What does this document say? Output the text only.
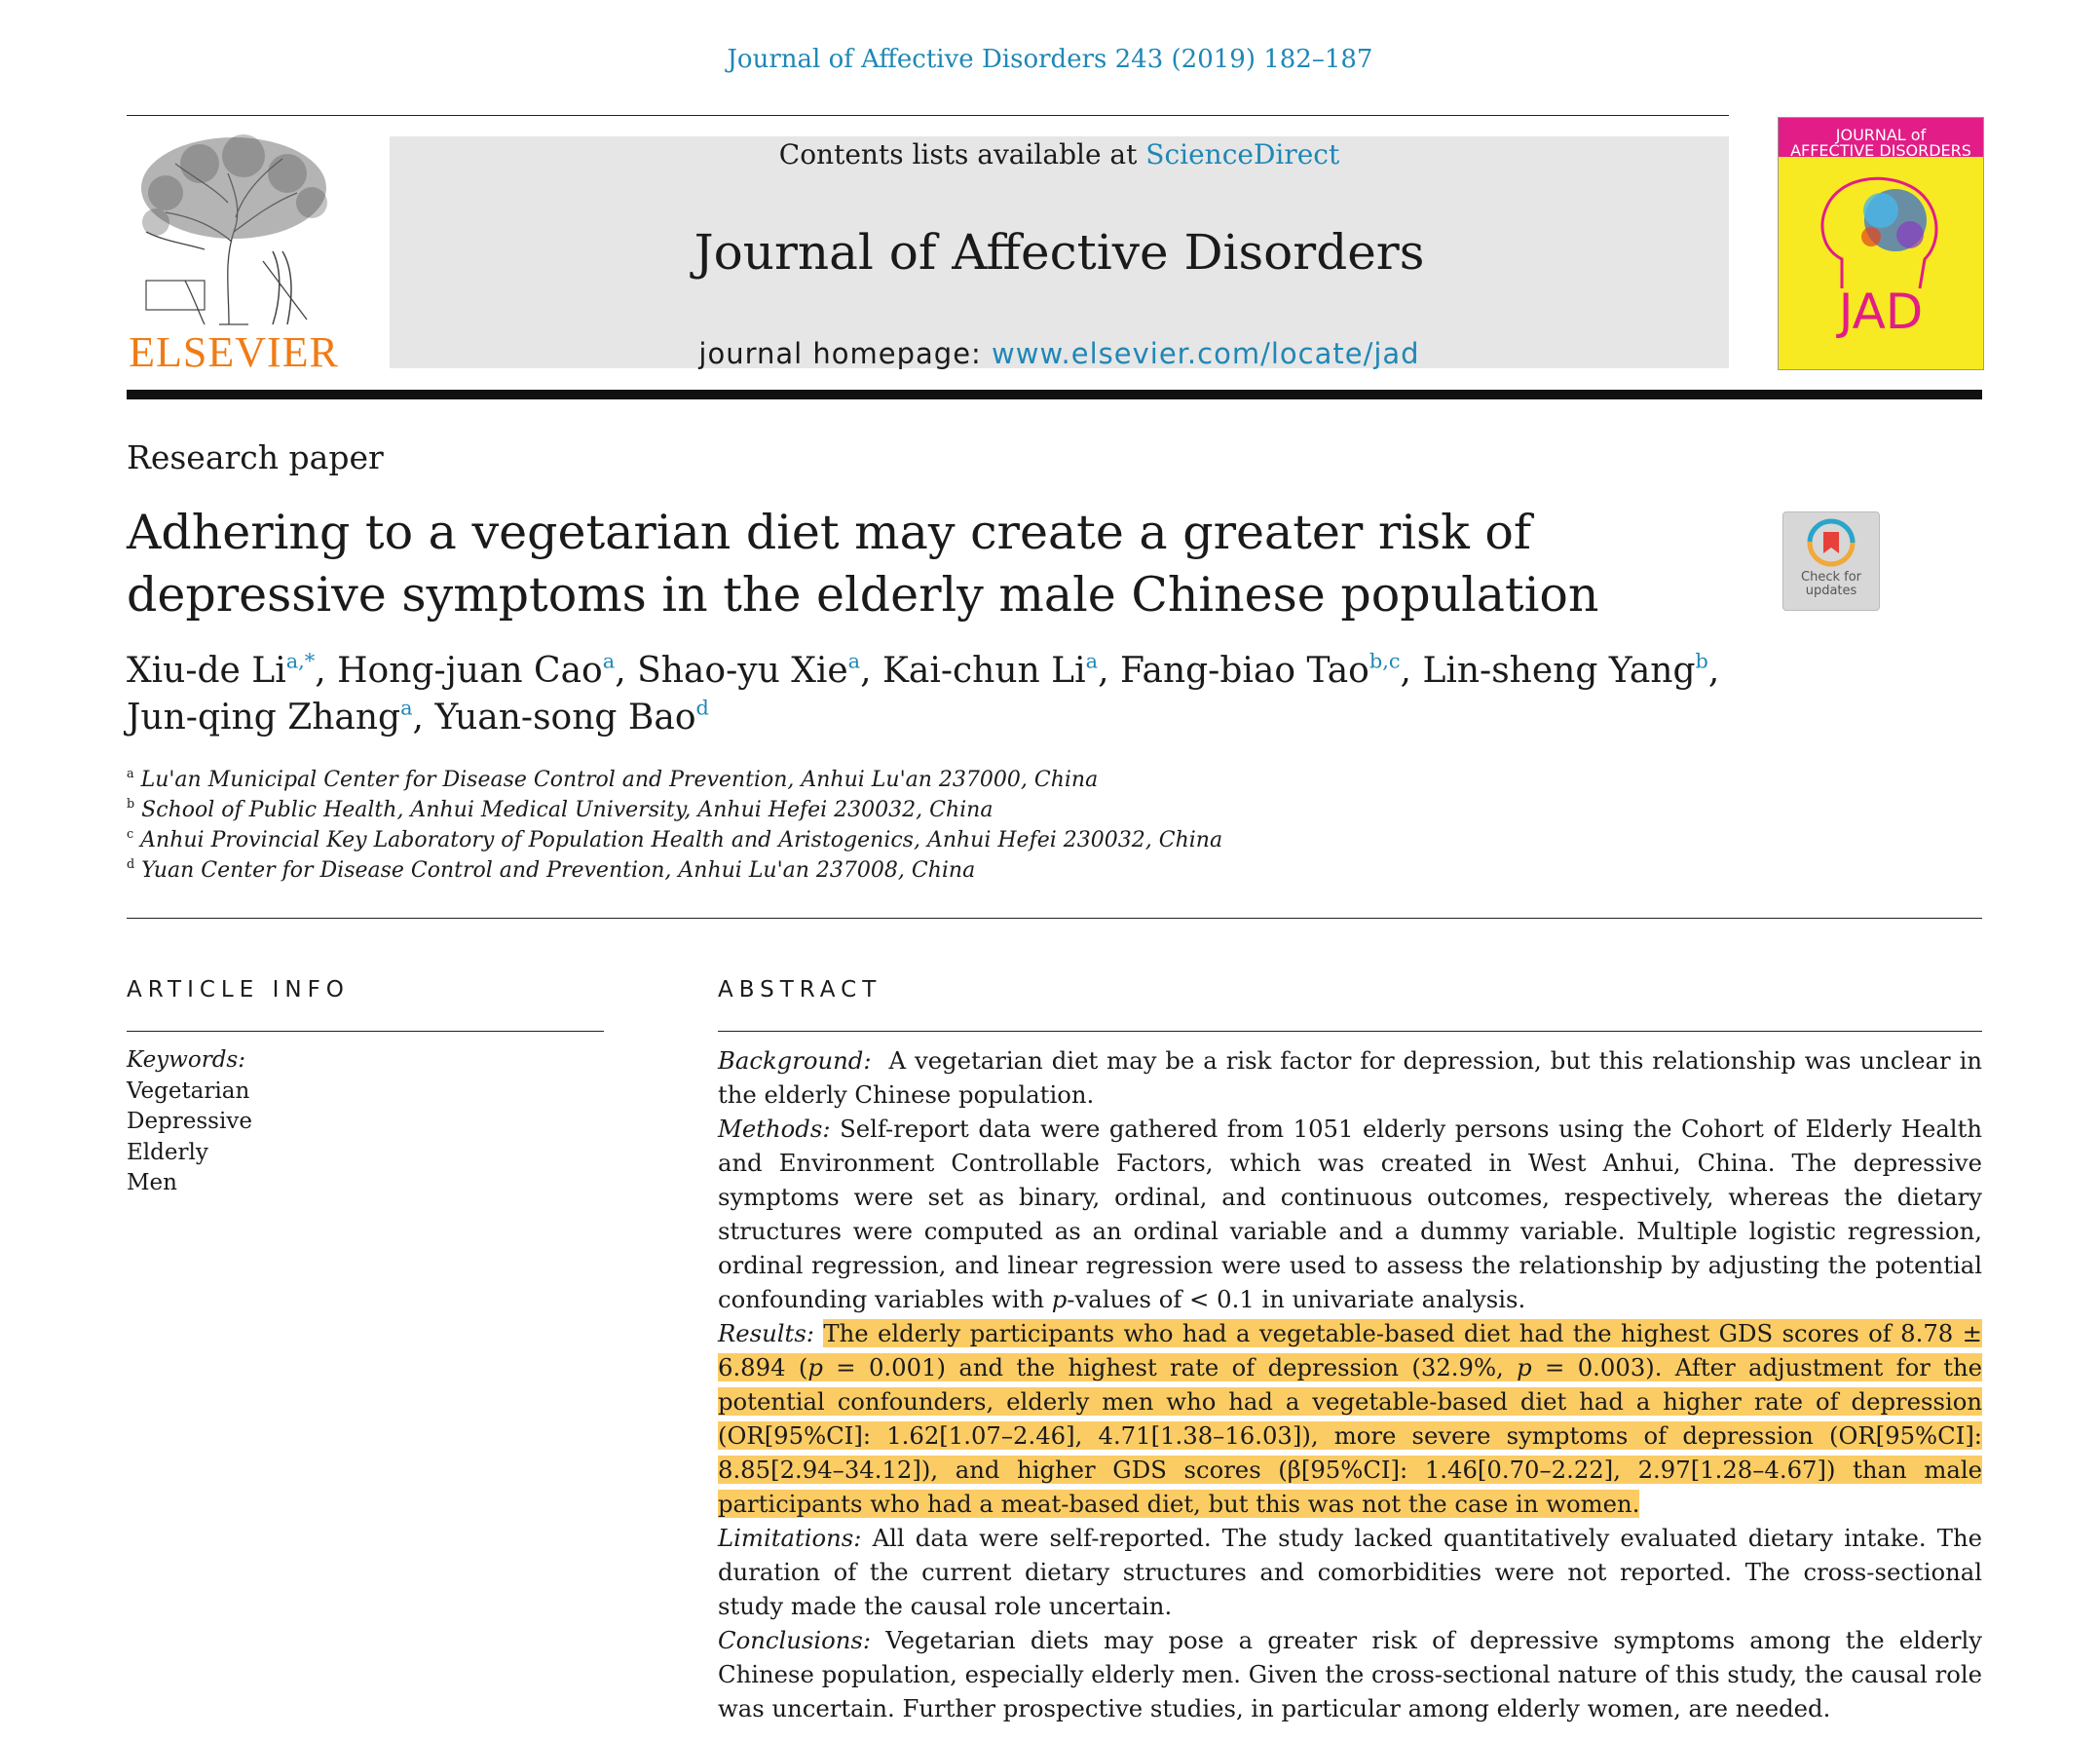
Journal of Affective Disorders 243 (2019) 182–187
ELSEVIER
Contents lists available at ScienceDirect
Journal of Affective Disorders
journal homepage: www.elsevier.com/locate/jad
JOURNAL of
AFFECTIVE DISORDERS
JAD
Research paper
Adhering to a vegetarian diet may create a greater risk of depressive symptoms in the elderly male Chinese population	Check for
updates
Xiu-de $Li^{a,*}$, Hong-juan Cao$^a$, Shao-yu Xie$^a$, Kai-chun Li$^a$, Fang-biao Tao$^{b,c}$, Lin-sheng Yang$^b$,
Jun-qing Zhang$^a$, Yuan-song Bao$^d$
$^a$ Lu'an Municipal Center for Disease Control and Prevention, Anhui Lu'an 237000, China
$^b$ School of Public Health, Anhui Medical University, Anhui Hefei 230032, China
$^c$ Anhui Provincial Key Laboratory of Population Health and Aristogenics, Anhui Hefei 230032, China
$^d$ Yuan Center for Disease Control and Prevention, Anhui Lu'an 237008, China
ARTICLE INFO	ABSTRACT
Keywords:
Vegetarian
Depressive
Elderly
Men

Background: A vegetarian diet may be a risk factor for depression, but this relationship was unclear in the elderly Chinese population.

Methods: Self-report data were gathered from 1051 elderly persons using the Cohort of Elderly Health and Environment Controllable Factors, which was created in West Anhui, China. The depressive symptoms were set as binary, ordinal, and continuous outcomes, respectively, whereas the dietary structures were computed as an ordinal variable and a dummy variable. Multiple logistic regression, ordinal regression, and linear regression were used to assess the relationship by adjusting the potential confounding variables with p-values of < 0.1 in univariate analysis.

Results: The elderly participants who had a vegetable-based diet had the highest GDS scores of 8.78 ± 6.894 (p = 0.001) and the highest rate of depression (32.9%, p = 0.003). After adjustment for the potential confounders, elderly men who had a vegetable-based diet had a higher rate of depression (OR[95%CI]: 1.62[1.07–2.46], 4.71[1.38–16.03]), more severe symptoms of depression (OR[95%CI]: 8.85[2.94–34.12]), and higher GDS scores (β[95%CI]: 1.46[0.70–2.22], 2.97[1.28–4.67]) than male participants who had a meat-based diet, but this was not the case in women.

Limitations: All data were self-reported. The study lacked quantitatively evaluated dietary intake. The duration of the current dietary structures and comorbidities were not reported. The cross-sectional study made the causal role uncertain.

Conclusions: Vegetarian diets may pose a greater risk of depressive symptoms among the elderly Chinese population, especially elderly men. Given the cross-sectional nature of this study, the causal role was uncertain. Further prospective studies, in particular among elderly women, are needed.
